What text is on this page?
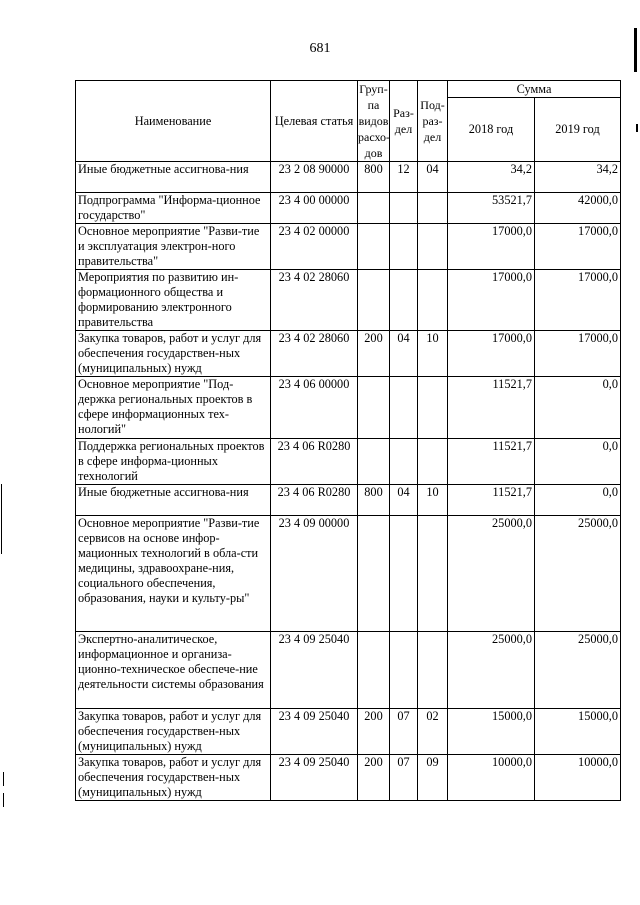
681
Наименование	Целевая статья	Груп-па видов расхо-дов	Раз-дел	Под-раз-дел	Сумма	
					2018 год	2019 год
Иные бюджетные ассигнова-ния	23 2 08 90000	800	12	04	34,2	34,2
Подпрограмма "Информа-ционное государство"	23 4 00 00000				53521,7	42000,0
Основное мероприятие "Разви-тие и эксплуатация электрон-ного правительства"	23 4 02 00000				17000,0	17000,0
Мероприятия по развитию ин-формационного общества и формированию электронного правительства	23 4 02 28060				17000,0	17000,0
Закупка товаров, работ и услуг для обеспечения государствен-ных (муниципальных) нужд	23 4 02 28060	200	04	10	17000,0	17000,0
Основное мероприятие "Под-держка региональных проектов в сфере информационных тех-нологий"	23 4 06 00000				11521,7	0,0
Поддержка региональных проектов в сфере информа-ционных технологий	23 4 06 R0280				11521,7	0,0
Иные бюджетные ассигнова-ния	23 4 06 R0280	800	04	10	11521,7	0,0
Основное мероприятие "Разви-тие сервисов на основе инфор-мационных технологий в обла-сти медицины, здравоохране-ния, социального обеспечения, образования, науки и культу-ры"	23 4 09 00000				25000,0	25000,0
Экспертно-аналитическое, информационное и организа-ционно-техническое обеспече-ние деятельности системы образования	23 4 09 25040				25000,0	25000,0
Закупка товаров, работ и услуг для обеспечения государствен-ных (муниципальных) нужд	23 4 09 25040	200	07	02	15000,0	15000,0
Закупка товаров, работ и услуг для обеспечения государствен-ных (муниципальных) нужд	23 4 09 25040	200	07	09	10000,0	10000,0
